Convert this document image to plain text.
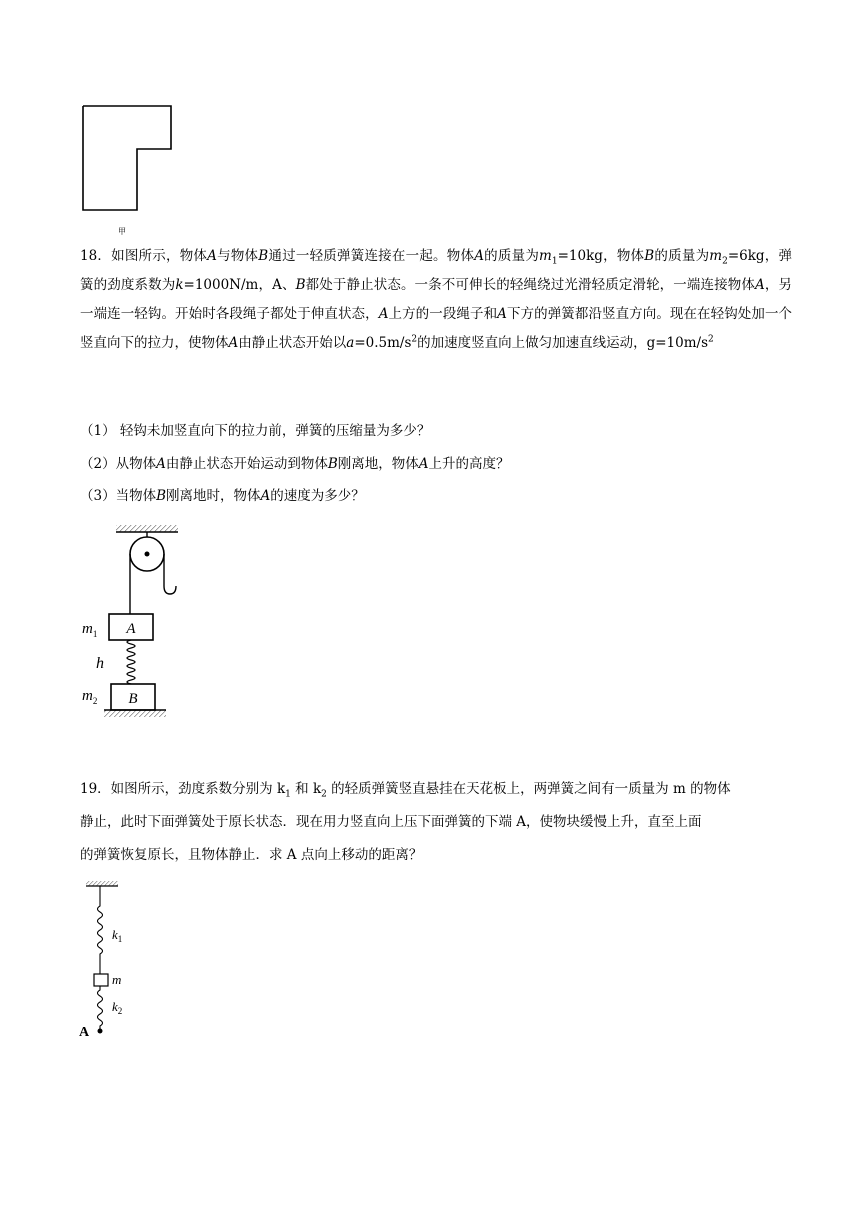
甲
18．如图所示，物体A与物体B通过一轻质弹簧连接在一起。物体A的质量为$m_1=10kg$，物体B的质量为$m_2=6kg$，弹簧的劲度系数为k=1000N/m，A、B都处于静止状态。一条不可伸长的轻绳绕过光滑轻质定滑轮，一端连接物体A，另一端连一轻钩。开始时各段绳子都处于伸直状态，A上方的一段绳子和A下方的弹簧都沿竖直方向。现在在轻钩处加一个竖直向下的拉力，使物体A由静止状态开始以$a=0.5m/s^2$的加速度竖直向上做匀加速直线运动，$g=10m/s^2$
（1） 轻钩未加竖直向下的拉力前，弹簧的压缩量为多少？
（2）从物体A由静止状态开始运动到物体B刚离地，物体A上升的高度？
（3）当物体B刚离地时，物体A的速度为多少？
A
B
$m_1$
h
$m_2$
19．如图所示，劲度系数分别为 $k_1$ 和 $k_2$ 的轻质弹簧竖直悬挂在天花板上，两弹簧之间有一质量为 m 的物体
静止，此时下面弹簧处于原长状态．现在用力竖直向上压下面弹簧的下端 A，使物块缓慢上升，直至上面
的弹簧恢复原长，且物体静止．求 A 点向上移动的距离？
$k_1$
m
$k_2$
A
